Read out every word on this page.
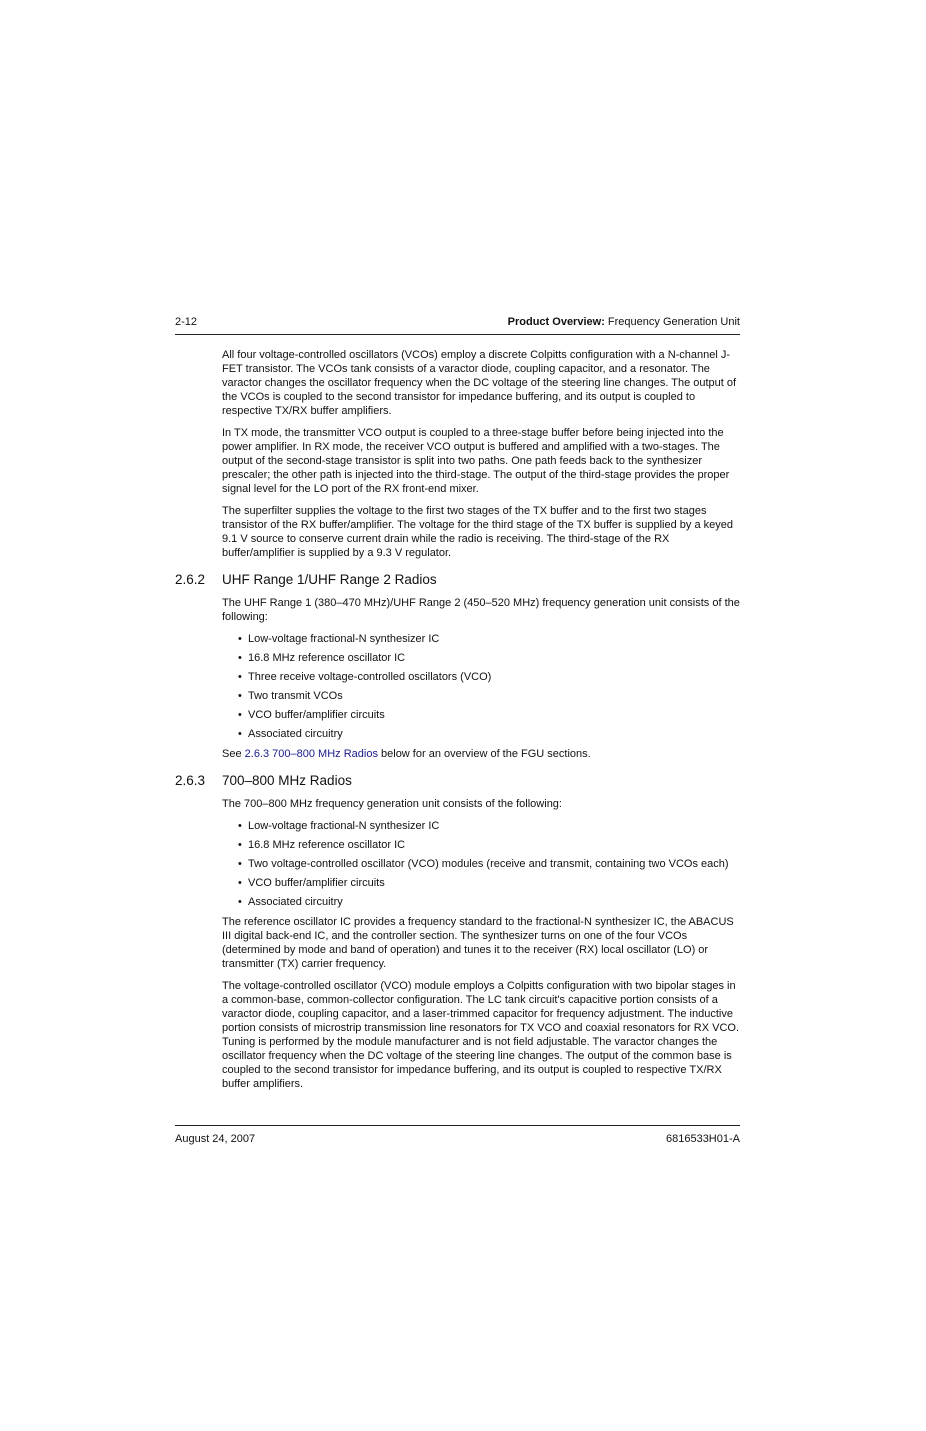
2-12	Product Overview: Frequency Generation Unit

All four voltage-controlled oscillators (VCOs) employ a discrete Colpitts configuration with a N-channel J-FET transistor. The VCOs tank consists of a varactor diode, coupling capacitor, and a resonator. The varactor changes the oscillator frequency when the DC voltage of the steering line changes. The output of the VCOs is coupled to the second transistor for impedance buffering, and its output is coupled to respective TX/RX buffer amplifiers.

In TX mode, the transmitter VCO output is coupled to a three-stage buffer before being injected into the power amplifier. In RX mode, the receiver VCO output is buffered and amplified with a two-stages. The output of the second-stage transistor is split into two paths. One path feeds back to the synthesizer prescaler; the other path is injected into the third-stage. The output of the third-stage provides the proper signal level for the LO port of the RX front-end mixer.

The superfilter supplies the voltage to the first two stages of the TX buffer and to the first two stages transistor of the RX buffer/amplifier. The voltage for the third stage of the TX buffer is supplied by a keyed 9.1 V source to conserve current drain while the radio is receiving. The third-stage of the RX buffer/amplifier is supplied by a 9.3 V regulator.

2.6.2 UHF Range 1/UHF Range 2 Radios

The UHF Range 1 (380–470 MHz)/UHF Range 2 (450–520 MHz) frequency generation unit consists of the following:

• Low-voltage fractional-N synthesizer IC
• 16.8 MHz reference oscillator IC
• Three receive voltage-controlled oscillators (VCO)
• Two transmit VCOs
• VCO buffer/amplifier circuits
• Associated circuitry

See 2.6.3 700–800 MHz Radios below for an overview of the FGU sections.

2.6.3 700–800 MHz Radios

The 700–800 MHz frequency generation unit consists of the following:

• Low-voltage fractional-N synthesizer IC
• 16.8 MHz reference oscillator IC
• Two voltage-controlled oscillator (VCO) modules (receive and transmit, containing two VCOs each)
• VCO buffer/amplifier circuits
• Associated circuitry

The reference oscillator IC provides a frequency standard to the fractional-N synthesizer IC, the ABACUS III digital back-end IC, and the controller section. The synthesizer turns on one of the four VCOs (determined by mode and band of operation) and tunes it to the receiver (RX) local oscillator (LO) or transmitter (TX) carrier frequency.

The voltage-controlled oscillator (VCO) module employs a Colpitts configuration with two bipolar stages in a common-base, common-collector configuration. The LC tank circuit's capacitive portion consists of a varactor diode, coupling capacitor, and a laser-trimmed capacitor for frequency adjustment. The inductive portion consists of microstrip transmission line resonators for TX VCO and coaxial resonators for RX VCO. Tuning is performed by the module manufacturer and is not field adjustable. The varactor changes the oscillator frequency when the DC voltage of the steering line changes. The output of the common base is coupled to the second transistor for impedance buffering, and its output is coupled to respective TX/RX buffer amplifiers.

August 24, 2007	6816533H01-A
